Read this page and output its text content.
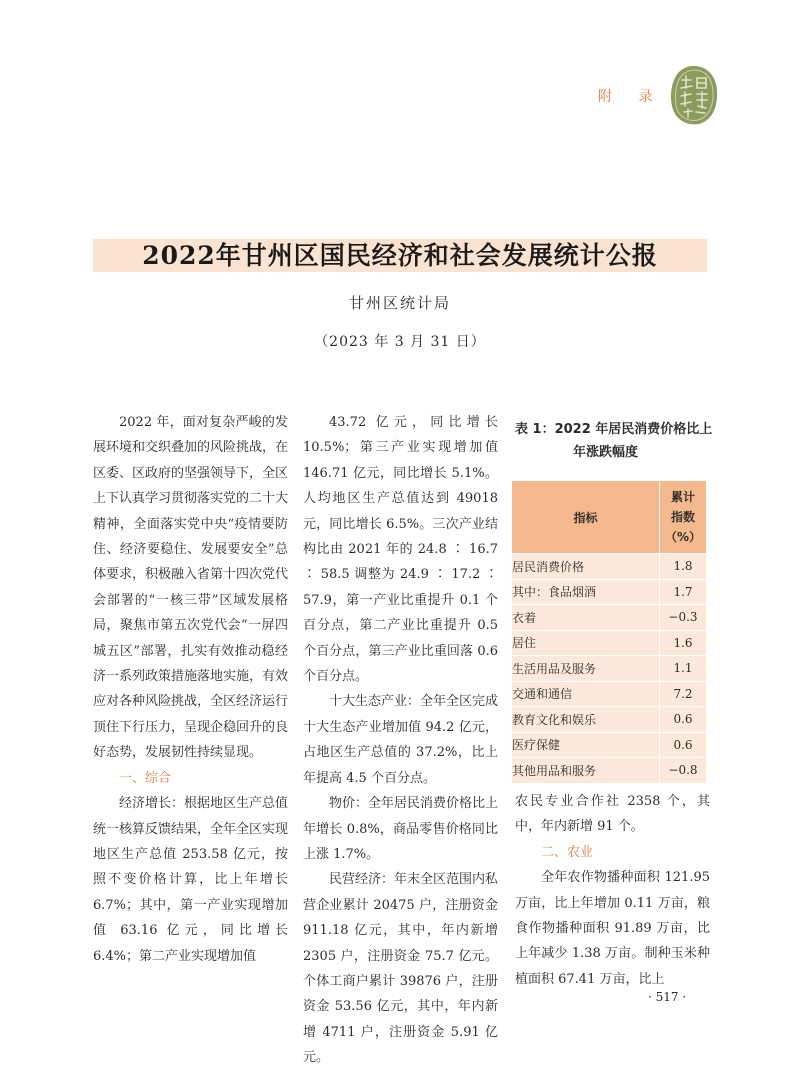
附 录
2022年甘州区国民经济和社会发展统计公报
甘州区统计局
（2023 年 3 月 31 日）

2022 年，面对复杂严峻的发展环境和交织叠加的风险挑战，在区委、区政府的坚强领导下，全区上下认真学习贯彻落实党的二十大精神，全面落实党中央“疫情要防住、经济要稳住、发展要安全”总体要求，积极融入省第十四次党代会部署的“一核三带”区域发展格局，聚焦市第五次党代会“一屏四城五区”部署，扎实有效推动稳经济一系列政策措施落地实施，有效应对各种风险挑战，全区经济运行顶住下行压力，呈现企稳回升的良好态势，发展韧性持续显现。

一、综合

经济增长：根据地区生产总值统一核算反馈结果，全年全区实现地区生产总值 253.58 亿元，按照不变价格计算，比上年增长 6.7%；其中，第一产业实现增加值 63.16 亿元，同比增长 6.4%；第二产业实现增加值

43.72 亿元，同比增长 10.5%；第三产业实现增加值 146.71 亿元，同比增长 5.1%。人均地区生产总值达到 49018 元，同比增长 6.5%。三次产业结构比由 2021 年的 24.8 ∶ 16.7 ∶ 58.5 调整为 24.9 ∶ 17.2 ∶ 57.9，第一产业比重提升 0.1 个百分点，第二产业比重提升 0.5 个百分点，第三产业比重回落 0.6 个百分点。

十大生态产业：全年全区完成十大生态产业增加值 94.2 亿元，占地区生产总值的 37.2%，比上年提高 4.5 个百分点。

物价：全年居民消费价格比上年增长 0.8%，商品零售价格同比上涨 1.7%。

民营经济：年末全区范围内私营企业累计 20475 户，注册资金 911.18 亿元，其中，年内新增 2305 户，注册资金 75.7 亿元。个体工商户累计 39876 户，注册资金 53.56 亿元，其中，年内新增 4711 户，注册资金 5.91 亿元。

表 1：2022 年居民消费价格比上
年涨跌幅度
指标	累计
指数
（%）

居民消费价格	1.8
其中：食品烟酒	1.7
衣着	−0.3
居住	1.6
生活用品及服务	1.1
交通和通信	7.2
教育文化和娱乐	0.6
医疗保健	0.6
其他用品和服务	−0.8

农民专业合作社 2358 个，其中，年内新增 91 个。

二、农业

全年农作物播种面积 121.95 万亩，比上年增加 0.11 万亩，粮食作物播种面积 91.89 万亩，比上年减少 1.38 万亩。制种玉米种植面积 67.41 万亩，比上

· 517 ·
